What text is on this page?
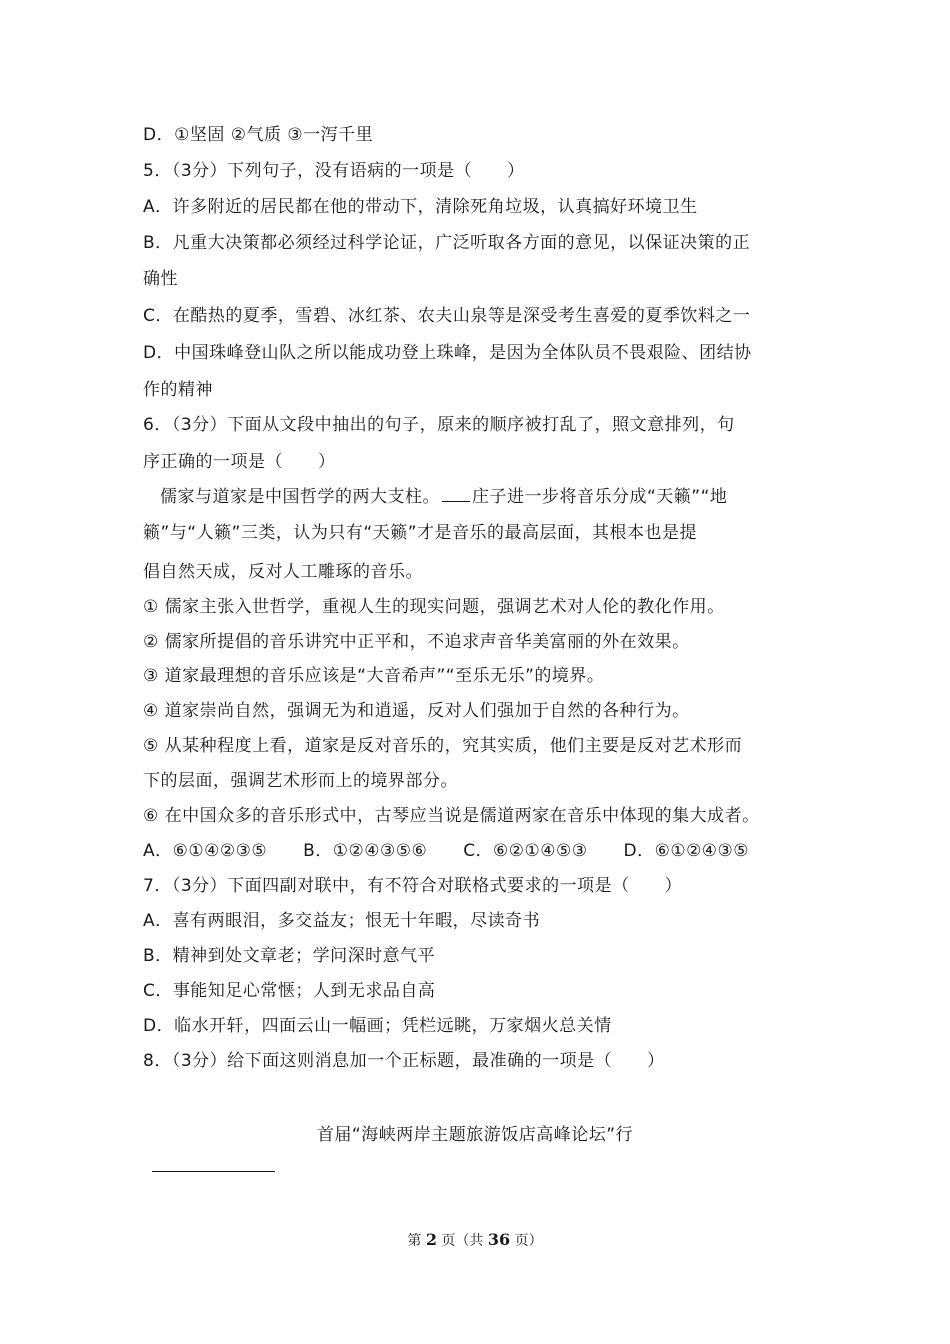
D．①坚固 ②气质 ③一泻千里
5．（3分）下列句子，没有语病的一项是（　　）
A．许多附近的居民都在他的带动下，清除死角垃圾，认真搞好环境卫生
B．凡重大决策都必须经过科学论证，广泛听取各方面的意见，以保证决策的正
确性
C．在酷热的夏季，雪碧、冰红茶、农夫山泉等是深受考生喜爱的夏季饮料之一
D．中国珠峰登山队之所以能成功登上珠峰，是因为全体队员不畏艰险、团结协
作的精神
6．（3分）下面从文段中抽出的句子，原来的顺序被打乱了，照文意排列，句
序正确的一项是（　　）
儒家与道家是中国哲学的两大支柱。 庄子进一步将音乐分成“天籁”“地
籁”与“人籁”三类，认为只有“天籁”才是音乐的最高层面，其根本也是提
倡自然天成，反对人工雕琢的音乐。
① 儒家主张入世哲学，重视人生的现实问题，强调艺术对人伦的教化作用。
② 儒家所提倡的音乐讲究中正平和，不追求声音华美富丽的外在效果。
③ 道家最理想的音乐应该是“大音希声”“至乐无乐”的境界。
④ 道家崇尚自然，强调无为和逍遥，反对人们强加于自然的各种行为。
⑤ 从某种程度上看，道家是反对音乐的，究其实质，他们主要是反对艺术形而
下的层面，强调艺术形而上的境界部分。
⑥ 在中国众多的音乐形式中，古琴应当说是儒道两家在音乐中体现的集大成者。
A．⑥①④②③⑤ B．①②④③⑤⑥ C．⑥②①④⑤③ D．⑥①②④③⑤
7．（3分）下面四副对联中，有不符合对联格式要求的一项是（　　）
A．喜有两眼泪，多交益友；恨无十年暇，尽读奇书
B．精神到处文章老；学问深时意气平
C．事能知足心常惬；人到无求品自高
D．临水开轩，四面云山一幅画；凭栏远眺，万家烟火总关情
8．（3分）给下面这则消息加一个正标题，最准确的一项是（　　）
首届“海峡两岸主题旅游饭店高峰论坛”行
第 2 页（共 36 页）
